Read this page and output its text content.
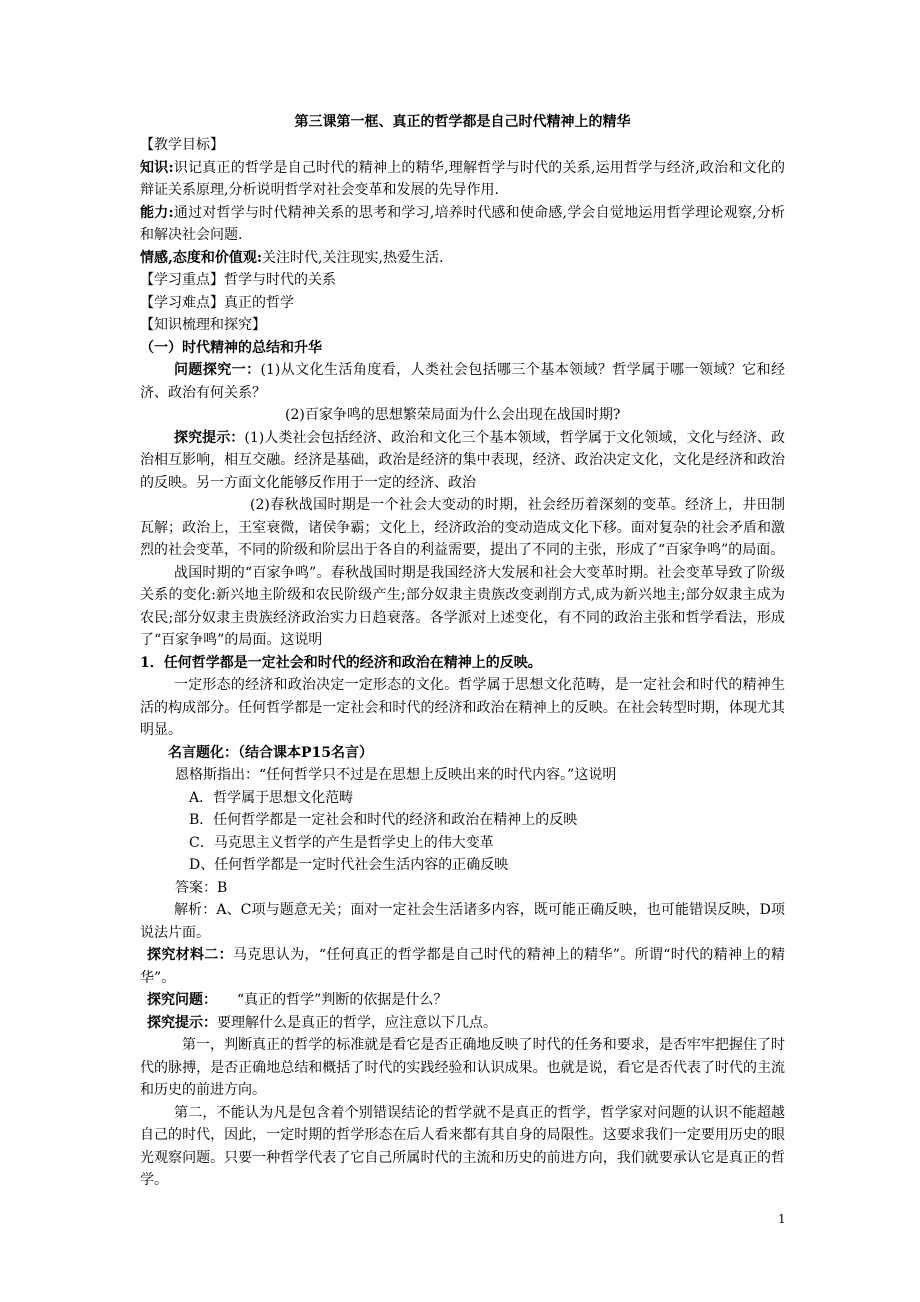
第三课第一框、真正的哲学都是自己时代精神上的精华

【教学目标】

知识:识记真正的哲学是自己时代的精神上的精华,理解哲学与时代的关系,运用哲学与经济,政治和文化的辩证关系原理,分析说明哲学对社会变革和发展的先导作用.

能力:通过对哲学与时代精神关系的思考和学习,培养时代感和使命感,学会自觉地运用哲学理论观察,分析和解决社会问题.

情感,态度和价值观:关注时代,关注现实,热爱生活.

【学习重点】哲学与时代的关系

【学习难点】真正的哲学

【知识梳理和探究】

（一）时代精神的总结和升华

问题探究一：(1)从文化生活角度看，人类社会包括哪三个基本领域？哲学属于哪一领域？它和经济、政治有何关系？

(2)百家争鸣的思想繁荣局面为什么会出现在战国时期?

探究提示：(1)人类社会包括经济、政治和文化三个基本领域，哲学属于文化领域，文化与经济、政治相互影响，相互交融。经济是基础，政治是经济的集中表现，经济、政治决定文化，文化是经济和政治的反映。另一方面文化能够反作用于一定的经济、政治

(2)春秋战国时期是一个社会大变动的时期，社会经历着深刻的变革。经济上，井田制瓦解；政治上，王室衰微，诸侯争霸；文化上，经济政治的变动造成文化下移。面对复杂的社会矛盾和激烈的社会变革，不同的阶级和阶层出于各自的利益需要，提出了不同的主张，形成了“百家争鸣”的局面。

战国时期的“百家争鸣”。春秋战国时期是我国经济大发展和社会大变革时期。社会变革导致了阶级关系的变化:新兴地主阶级和农民阶级产生;部分奴隶主贵族改变剥削方式,成为新兴地主;部分奴隶主成为农民;部分奴隶主贵族经济政治实力日趋衰落。各学派对上述变化，有不同的政治主张和哲学看法，形成了“百家争鸣”的局面。这说明

1．任何哲学都是一定社会和时代的经济和政治在精神上的反映。

一定形态的经济和政治决定一定形态的文化。哲学属于思想文化范畴，是一定社会和时代的精神生活的构成部分。任何哲学都是一定社会和时代的经济和政治在精神上的反映。在社会转型时期，体现尤其明显。

名言题化：（结合课本P15名言）

恩格斯指出：“任何哲学只不过是在思想上反映出来的时代内容。”这说明

A．哲学属于思想文化范畴

B．任何哲学都是一定社会和时代的经济和政治在精神上的反映

C．马克思主义哲学的产生是哲学史上的伟大变革

D、任何哲学都是一定时代社会生活内容的正确反映

答案：B

解析：A、C项与题意无关；面对一定社会生活诸多内容，既可能正确反映，也可能错误反映，D项说法片面。

探究材料二：马克思认为，“任何真正的哲学都是自己时代的精神上的精华”。所谓“时代的精神上的精华”。

探究问题： “真正的哲学”判断的依据是什么？

探究提示：要理解什么是真正的哲学，应注意以下几点。

第一，判断真正的哲学的标准就是看它是否正确地反映了时代的任务和要求，是否牢牢把握住了时代的脉搏，是否正确地总结和概括了时代的实践经验和认识成果。也就是说，看它是否代表了时代的主流和历史的前进方向。

第二，不能认为凡是包含着个别错误结论的哲学就不是真正的哲学，哲学家对问题的认识不能超越自己的时代，因此，一定时期的哲学形态在后人看来都有其自身的局限性。这要求我们一定要用历史的眼光观察问题。只要一种哲学代表了它自己所属时代的主流和历史的前进方向，我们就要承认它是真正的哲学。

1
